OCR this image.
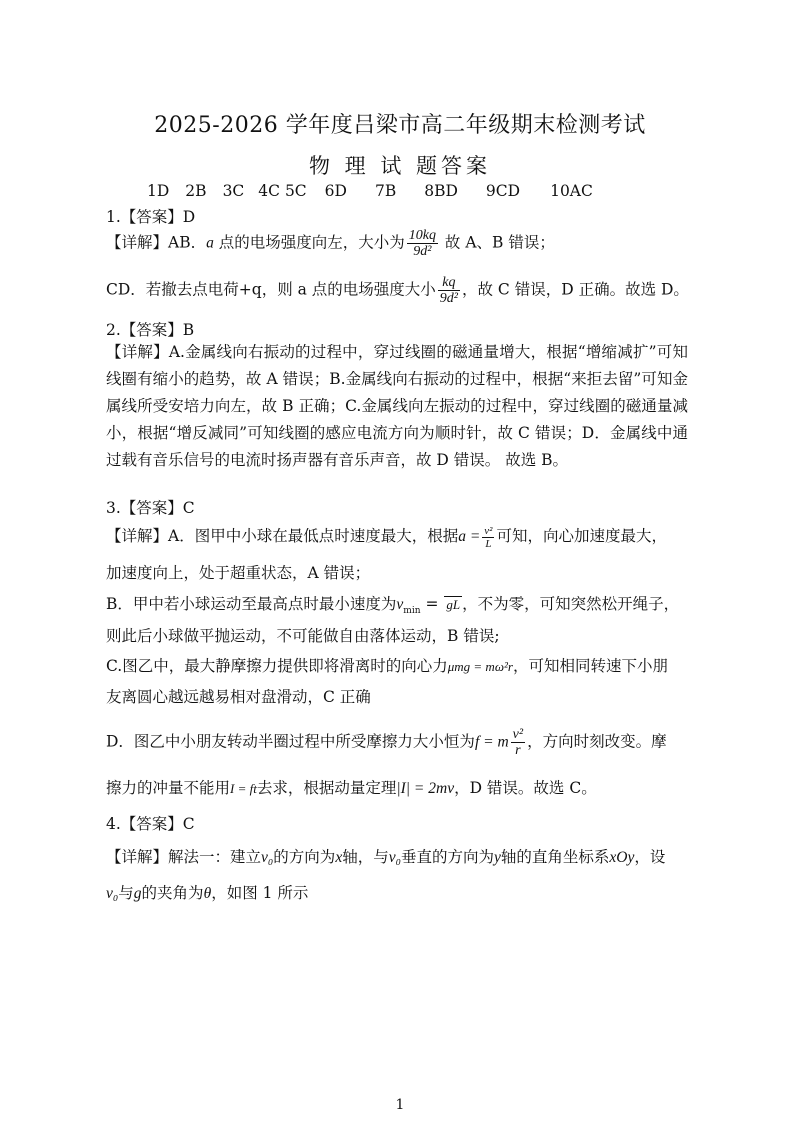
2025-2026 学年度吕梁市高二年级期末检测考试
物 理 试 题答案
1D 2B 3C 4C 5C 6D 7B 8BD 9CD 10AC
1.【答案】D
【详解】AB．a 点的电场强度向左，大小为 $\frac{10kq}{\text{9d²}}$ 故 A、B 错误；
CD．若撤去点电荷+q，则 a 点的电场强度大小 $\frac{kq}{\text{9d²}}$ ，故 C 错误，D 正确。故选 D。
2.【答案】B
【详解】A.金属线向右振动的过程中，穿过线圈的磁通量增大，根据“增缩减扩”可知线圈有缩小的趋势，故 A 错误；B.金属线向右振动的过程中，根据“来拒去留”可知金属线所受安培力向左，故 B 正确；C.金属线向左振动的过程中，穿过线圈的磁通量减小，根据“增反减同”可知线圈的感应电流方向为顺时针，故 C 错误；D．金属线中通过载有音乐信号的电流时扬声器有音乐声音，故 D 错误。 故选 B。
3.【答案】C
【详解】A．图甲中小球在最低点时速度最大，根据$a = \frac{\text{v²}}{L}$ 可知，向心加速度最大，
加速度向上，处于超重状态，A 错误；
B．甲中若小球运动至最高点时最小速度为$v_{min}$ = gL ，不为零，可知突然松开绳子，
则此后小球做平抛运动，不可能做自由落体运动，B 错误;
C.图乙中，最大静摩擦力提供即将滑离时的向心力μmg = mω²r，可知相同转速下小朋
友离圆心越远越易相对盘滑动，C 正确
D．图乙中小朋友转动半圈过程中所受摩擦力大小恒为f = m $\frac{\text{v²}}{r}$ ，方向时刻改变。摩
擦力的冲量不能用I = ft去求，根据动量定理|I| = 2mv，D 错误。故选 C。
4.【答案】C
【详解】解法一：建立v₀的方向为x轴，与v₀垂直的方向为y轴的直角坐标系xOy，设
v₀与g的夹角为θ，如图 1 所示
1
